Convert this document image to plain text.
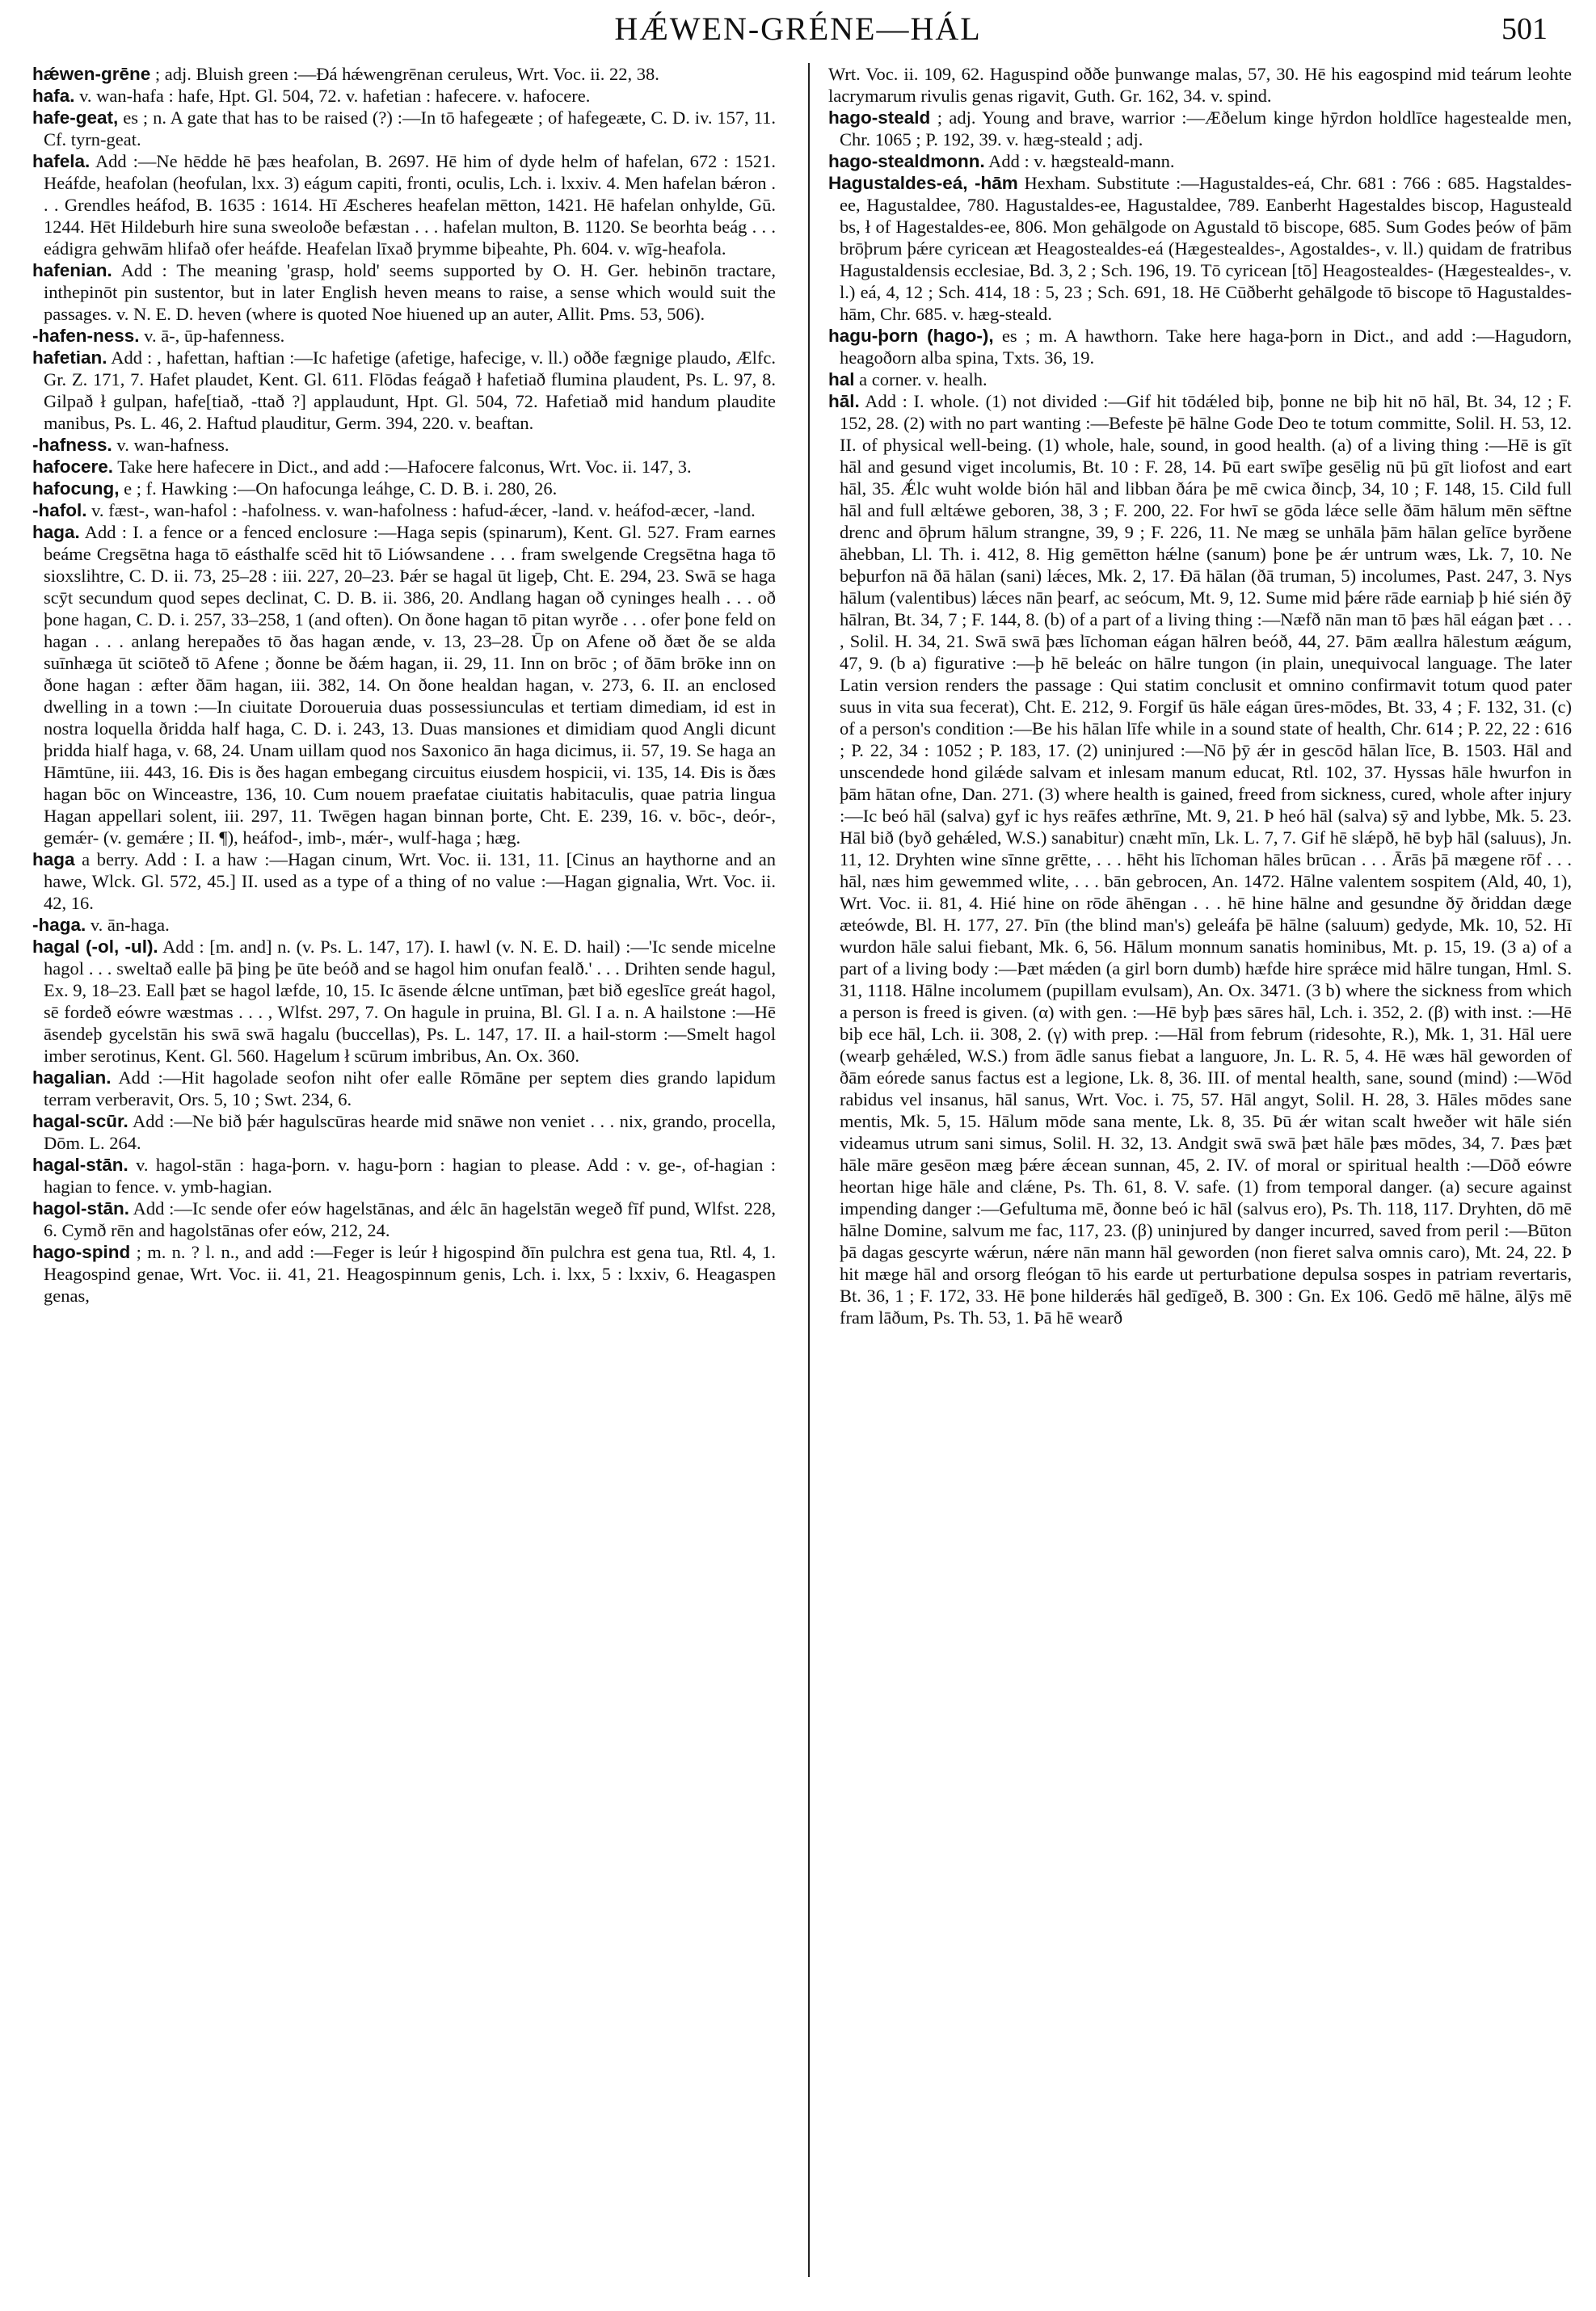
HǼWEN-GRÉNE—HÁL	501

hǽwen-grēne ; adj. Bluish green :—Ðá hǽwengrēnan ceruleus, Wrt. Voc. ii. 22, 38.

hafa. v. wan-hafa : hafe, Hpt. Gl. 504, 72. v. hafetian : hafecere. v. hafocere.

hafe-geat, es ; n. A gate that has to be raised (?) :—In tō hafegeæte ; of hafegeæte, C. D. iv. 157, 11. Cf. tyrn-geat.

hafela. Add :—Ne hēdde hē þæs heafolan, B. 2697. Hē him of dyde helm of hafelan, 672 : 1521. Heáfde, heafolan (heofulan, lxx. 3) eágum capiti, fronti, oculis, Lch. i. lxxiv. 4. Men hafelan bǽron . . . Grendles heáfod, B. 1635 : 1614. Hī Æscheres heafelan mētton, 1421. Hē hafelan onhylde, Gū. 1244. Hēt Hildeburh hire suna sweoloðe befæstan . . . hafelan multon, B. 1120. Se beorhta beág . . . eádigra gehwām hlifað ofer heáfde. Heafelan līxað þrymme biþeahte, Ph. 604. v. wīg-heafola.

hafenian. Add : The meaning 'grasp, hold' seems supported by O. H. Ger. hebinōn tractare, inthepinōt pin sustentor, but in later English heven means to raise, a sense which would suit the passages. v. N. E. D. heven (where is quoted Noe hiuened up an auter, Allit. Pms. 53, 506).

-hafen-ness. v. ā-, ūp-hafenness.

hafetian. Add : , hafettan, haftian :—Ic hafetige (afetige, hafecige, v. ll.) oððe fægnige plaudo, Ælfc. Gr. Z. 171, 7. Hafet plaudet, Kent. Gl. 611. Flōdas feágað ł hafetiað flumina plaudent, Ps. L. 97, 8. Gilpað ł gulpan, hafe[tiað, -ttað ?] applaudunt, Hpt. Gl. 504, 72. Hafetiað mid handum plaudite manibus, Ps. L. 46, 2. Haftud plauditur, Germ. 394, 220. v. beaftan.

-hafness. v. wan-hafness.

hafocere. Take here hafecere in Dict., and add :—Hafocere falconus, Wrt. Voc. ii. 147, 3.

hafocung, e ; f. Hawking :—On hafocunga leáhge, C. D. B. i. 280, 26.

-hafol. v. fæst-, wan-hafol : -hafolness. v. wan-hafolness : hafud-ǽcer, -land. v. heáfod-æcer, -land.

haga. Add : I. a fence or a fenced enclosure :—Haga sepis (spinarum), Kent. Gl. 527. Fram earnes beáme Cregsētna haga tō eásthalfe scēd hit tō Liówsandene . . . fram swelgende Cregsētna haga tō sioxslihtre, C. D. ii. 73, 25–28 : iii. 227, 20–23. Þǽr se hagal ūt ligeþ, Cht. E. 294, 23. Swā se haga scȳt secundum quod sepes declinat, C. D. B. ii. 386, 20. Andlang hagan oð cyninges healh . . . oð þone hagan, C. D. i. 257, 33–258, 1 (and often). On ðone hagan tō pitan wyrðe . . . ofer þone feld on hagan . . . anlang herepaðes tō ðas hagan ænde, v. 13, 23–28. Ūp on Afene oð ðæt ðe se alda suīnhæga ūt sciōteð tō Afene ; ðonne be ðǽm hagan, ii. 29, 11. Inn on brōc ; of ðām brōke inn on ðone hagan : æfter ðām hagan, iii. 382, 14. On ðone healdan hagan, v. 273, 6. II. an enclosed dwelling in a town :—In ciuitate Doroueruia duas possessiunculas et tertiam dimediam, id est in nostra loquella ðridda half haga, C. D. i. 243, 13. Duas mansiones et dimidiam quod Angli dicunt þridda hialf haga, v. 68, 24. Unam uillam quod nos Saxonico ān haga dicimus, ii. 57, 19. Se haga an Hāmtūne, iii. 443, 16. Ðis is ðes hagan embegang circuitus eiusdem hospicii, vi. 135, 14. Ðis is ðæs hagan bōc on Winceastre, 136, 10. Cum nouem praefatae ciuitatis habitaculis, quae patria lingua Hagan appellari solent, iii. 297, 11. Twēgen hagan binnan þorte, Cht. E. 239, 16. v. bōc-, deór-, gemǽr- (v. gemǽre ; II. ¶), heáfod-, imb-, mǽr-, wulf-haga ; hæg.

haga a berry. Add : I. a haw :—Hagan cinum, Wrt. Voc. ii. 131, 11. [Cinus an haythorne and an hawe, Wlck. Gl. 572, 45.] II. used as a type of a thing of no value :—Hagan gignalia, Wrt. Voc. ii. 42, 16.

-haga. v. ān-haga.

hagal (-ol, -ul). Add : [m. and] n. (v. Ps. L. 147, 17). I. hawl (v. N. E. D. hail) :—'Ic sende micelne hagol . . . sweltað ealle þā þing þe ūte beóð and se hagol him onufan fealð.' . . . Drihten sende hagul, Ex. 9, 18–23. Eall þæt se hagol læfde, 10, 15. Ic āsende ǽlcne untīman, þæt bið egeslīce greát hagol, sē fordeð eówre wæstmas . . . , Wlfst. 297, 7. On hagule in pruina, Bl. Gl. I a. n. A hailstone :—Hē āsendeþ gycelstān his swā swā hagalu (buccellas), Ps. L. 147, 17. II. a hail-storm :—Smelt hagol imber serotinus, Kent. Gl. 560. Hagelum ł scūrum imbribus, An. Ox. 360.

hagalian. Add :—Hit hagolade seofon niht ofer ealle Rōmāne per septem dies grando lapidum terram verberavit, Ors. 5, 10 ; Swt. 234, 6.

hagal-scūr. Add :—Ne bið þǽr hagulscūras hearde mid snāwe non veniet . . . nix, grando, procella, Dōm. L. 264.

hagal-stān. v. hagol-stān : haga-þorn. v. hagu-þorn : hagian to please. Add : v. ge-, of-hagian : hagian to fence. v. ymb-hagian.

hagol-stān. Add :—Ic sende ofer eów hagelstānas, and ǽlc ān hagelstān wegeð fīf pund, Wlfst. 228, 6. Cymð rēn and hagolstānas ofer eów, 212, 24.

hago-spind ; m. n. ? l. n., and add :—Feger is leúr ł higospind ðīn pulchra est gena tua, Rtl. 4, 1. Heagospind genae, Wrt. Voc. ii. 41, 21. Heagospinnum genis, Lch. i. lxx, 5 : lxxiv, 6. Heagaspen genas,

Wrt. Voc. ii. 109, 62. Haguspind oððe þunwange malas, 57, 30. Hē his eagospind mid teárum leohte lacrymarum rivulis genas rigavit, Guth. Gr. 162, 34. v. spind.

hago-steald ; adj. Young and brave, warrior :—Æðelum kinge hȳrdon holdlīce hagestealde men, Chr. 1065 ; P. 192, 39. v. hæg-steald ; adj.

hago-stealdmonn. Add : v. hægsteald-mann.

Hagustaldes-eá, -hām Hexham. Substitute :—Hagustaldes-eá, Chr. 681 : 766 : 685. Hagstaldes-ee, Hagustaldee, 780. Hagustaldes-ee, Hagustaldee, 789. Eanberht Hagestaldes biscop, Hagusteald bs, ł of Hagestaldes-ee, 806. Mon gehālgode on Agustald tō biscope, 685. Sum Godes þeów of þām brōþrum þǽre cyricean æt Heagostealdes-eá (Hægestealdes-, Agostaldes-, v. ll.) quidam de fratribus Hagustaldensis ecclesiae, Bd. 3, 2 ; Sch. 196, 19. Tō cyricean [tō] Heagostealdes- (Hægestealdes-, v. l.) eá, 4, 12 ; Sch. 414, 18 : 5, 23 ; Sch. 691, 18. Hē Cūðberht gehālgode tō biscope tō Hagustaldes-hām, Chr. 685. v. hæg-steald.

hagu-þorn (hago-), es ; m. A hawthorn. Take here haga-þorn in Dict., and add :—Hagudorn, heagoðorn alba spina, Txts. 36, 19.

hal a corner. v. healh.

hāl. Add : I. whole. (1) not divided :—Gif hit tōdǽled biþ, þonne ne biþ hit nō hāl, Bt. 34, 12 ; F. 152, 28. (2) with no part wanting :—Befeste þē hālne Gode Deo te totum committe, Solil. H. 53, 12. II. of physical well-being. (1) whole, hale, sound, in good health. (a) of a living thing :—Hē is gīt hāl and gesund viget incolumis, Bt. 10 : F. 28, 14. Þū eart swīþe gesēlig nū þū gīt liofost and eart hāl, 35. Ǽlc wuht wolde bión hāl and libban ðára þe mē cwica ðincþ, 34, 10 ; F. 148, 15. Cild full hāl and full æltǽwe geboren, 38, 3 ; F. 200, 22. For hwī se gōda lǽce selle ðām hālum mēn sēftne drenc and ōþrum hālum strangne, 39, 9 ; F. 226, 11. Ne mæg se unhāla þām hālan gelīce byrðene āhebban, Ll. Th. i. 412, 8. Hig gemētton hǽlne (sanum) þone þe ǽr untrum wæs, Lk. 7, 10. Ne beþurfon nā ðā hālan (sani) lǽces, Mk. 2, 17. Ðā hālan (ðā truman, 5) incolumes, Past. 247, 3. Nys hālum (valentibus) lǽces nān þearf, ac seócum, Mt. 9, 12. Sume mid þǽre rāde earniaþ þ hié sién ðȳ hālran, Bt. 34, 7 ; F. 144, 8. (b) of a part of a living thing :—Næfð nān man tō þæs hāl eágan þæt . . . , Solil. H. 34, 21. Swā swā þæs līchoman eágan hālren beóð, 44, 27. Þām æallra hālestum æágum, 47, 9. (b a) figurative :—þ hē beleác on hālre tungon (in plain, unequivocal language. The later Latin version renders the passage : Qui statim conclusit et omnino confirmavit totum quod pater suus in vita sua fecerat), Cht. E. 212, 9. Forgif ūs hāle eágan ūres-mōdes, Bt. 33, 4 ; F. 132, 31. (c) of a person's condition :—Be his hālan līfe while in a sound state of health, Chr. 614 ; P. 22, 22 : 616 ; P. 22, 34 : 1052 ; P. 183, 17. (2) uninjured :—Nō þȳ ǽr in gescōd hālan līce, B. 1503. Hāl and unscendede hond gilǽde salvam et inlesam manum educat, Rtl. 102, 37. Hyssas hāle hwurfon in þām hātan ofne, Dan. 271. (3) where health is gained, freed from sickness, cured, whole after injury :—Ic beó hāl (salva) gyf ic hys reāfes æthrīne, Mt. 9, 21. Þ heó hāl (salva) sȳ and lybbe, Mk. 5. 23. Hāl bið (byð gehǽled, W.S.) sanabitur) cnæht mīn, Lk. L. 7, 7. Gif hē slǽpð, hē byþ hāl (saluus), Jn. 11, 12. Dryhten wine sīnne grētte, . . . hēht his līchoman hāles brūcan . . . Ārās þā mægene rōf . . . hāl, næs him gewemmed wlite, . . . bān gebrocen, An. 1472. Hālne valentem sospitem (Ald, 40, 1), Wrt. Voc. ii. 81, 4. Hié hine on rōde āhēngan . . . hē hine hālne and gesundne ðȳ ðriddan dæge æteówde, Bl. H. 177, 27. Þīn (the blind man's) geleáfa þē hālne (saluum) gedyde, Mk. 10, 52. Hī wurdon hāle salui fiebant, Mk. 6, 56. Hālum monnum sanatis hominibus, Mt. p. 15, 19. (3 a) of a part of a living body :—Þæt mǽden (a girl born dumb) hæfde hire sprǽce mid hālre tungan, Hml. S. 31, 1118. Hālne incolumem (pupillam evulsam), An. Ox. 3471. (3 b) where the sickness from which a person is freed is given. (α) with gen. :—Hē byþ þæs sāres hāl, Lch. i. 352, 2. (β) with inst. :—Hē biþ ece hāl, Lch. ii. 308, 2. (γ) with prep. :—Hāl from februm (ridesohte, R.), Mk. 1, 31. Hāl uere (wearþ gehǽled, W.S.) from ādle sanus fiebat a languore, Jn. L. R. 5, 4. Hē wæs hāl geworden of ðām eórede sanus factus est a legione, Lk. 8, 36. III. of mental health, sane, sound (mind) :—Wōd rabidus vel insanus, hāl sanus, Wrt. Voc. i. 75, 57. Hāl angyt, Solil. H. 28, 3. Hāles mōdes sane mentis, Mk. 5, 15. Hālum mōde sana mente, Lk. 8, 35. Þū ǽr witan scalt hweðer wit hāle sién videamus utrum sani simus, Solil. H. 32, 13. Andgit swā swā þæt hāle þæs mōdes, 34, 7. Þæs þæt hāle māre gesēon mæg þǽre ǽcean sunnan, 45, 2. IV. of moral or spiritual health :—Dōð eówre heortan hige hāle and clǽne, Ps. Th. 61, 8. V. safe. (1) from temporal danger. (a) secure against impending danger :—Gefultuma mē, ðonne beó ic hāl (salvus ero), Ps. Th. 118, 117. Dryhten, dō mē hālne Domine, salvum me fac, 117, 23. (β) uninjured by danger incurred, saved from peril :—Būton þā dagas gescyrte wǽrun, nǽre nān mann hāl geworden (non fieret salva omnis caro), Mt. 24, 22. Þ hit mæge hāl and orsorg fleógan tō his earde ut perturbatione depulsa sospes in patriam revertaris, Bt. 36, 1 ; F. 172, 33. Hē þone hilderǽs hāl gedīgeð, B. 300 : Gn. Ex 106. Gedō mē hālne, ālȳs mē fram lāðum, Ps. Th. 53, 1. Þā hē wearð
